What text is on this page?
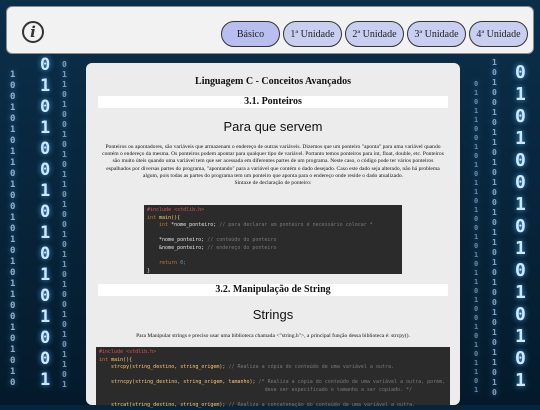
0
1
0
1
0
0
1
0
1
0
1
0
1
0
0
1
1
0
0
1
0
1
0
1
1
0
1
0
0
1
0
1
0
1
0
1
1
0
0
1
0
1
0
1
0
0
1
1
0
1
0
0
1
0
1
0
1
1
0
1
0
0
1
0
1
1
0
1
0
0
1
0
1
0
1
1
0
1
0
1
0
1
0
0
1
0
1
0
1
0
1
0
1
1
0
1
0
0
1
0
1
1
0
1
0
1
0
0
1
0
1
1
0
1
0
1
0
0
1
0
1
0
1
1
0
1
0
0
1
0
1
1
0
0
1
0
1
0
1
1
0
1
0
0
1
0
1
0
1
1
0
1
0
0
1
0
1
0
1
1
0
1
i	Básico	1ª Unidade	2ª Unidade	3ª Unidade	4ª Unidade
Linguagem C - Conceitos Avançados
3.1. Ponteiros
Para que servem
Ponteiros ou apontadores, são variáveis que armazenam o endereço de outras variáveis. Dizemos que um ponteiro "aponta" para uma variável quando contém o endereço da mesma. Os ponteiros podem apontar para qualquer tipo de variável. Portanto temos ponteiros para int, float, double, etc. Ponteiros são muito úteis quando uma variável tem que ser acessada em diferentes partes de um programa. Neste caso, o código pode ter vários ponteiros espalhados por diversas partes do programa, "apontando" para a variável que contém o dado desejado. Caso este dado seja alterado, não há problema algum, pois todas as partes do programa tem um ponteiro que aponta para o endereço onde reside o dado atualizado.
Sintaxe de declaração de ponteiro:
#include <stdlib.h>
int main(){
int *nome_ponteiro; // para declarar um ponteiro é necessário colocar *

*nome_ponteiro; // conteúdo do ponteiro
&nome_ponteiro; // endereço do ponteiro

return 0;
}
3.2. Manipulação de String
Strings
Para Manipular strings e preciso usar uma biblioteca chamada <"string.h">, a principal função dessa biblioteca é: strcpy().
#include <stdlib.h>
int main(){
strcpy(string_destino, string_origem); // Realiza a cópia do conteúdo de uma variável a outra.

strncpy(string_destino, string_origem, tamanho); /* Realiza a cópia do conteúdo de uma variável a outra, porém,
deve ser especificado o tamanho a ser copiado. */

strcat(string_destino, string_origem); // Realiza a concatenação do conteúdo de uma variável a outra.
